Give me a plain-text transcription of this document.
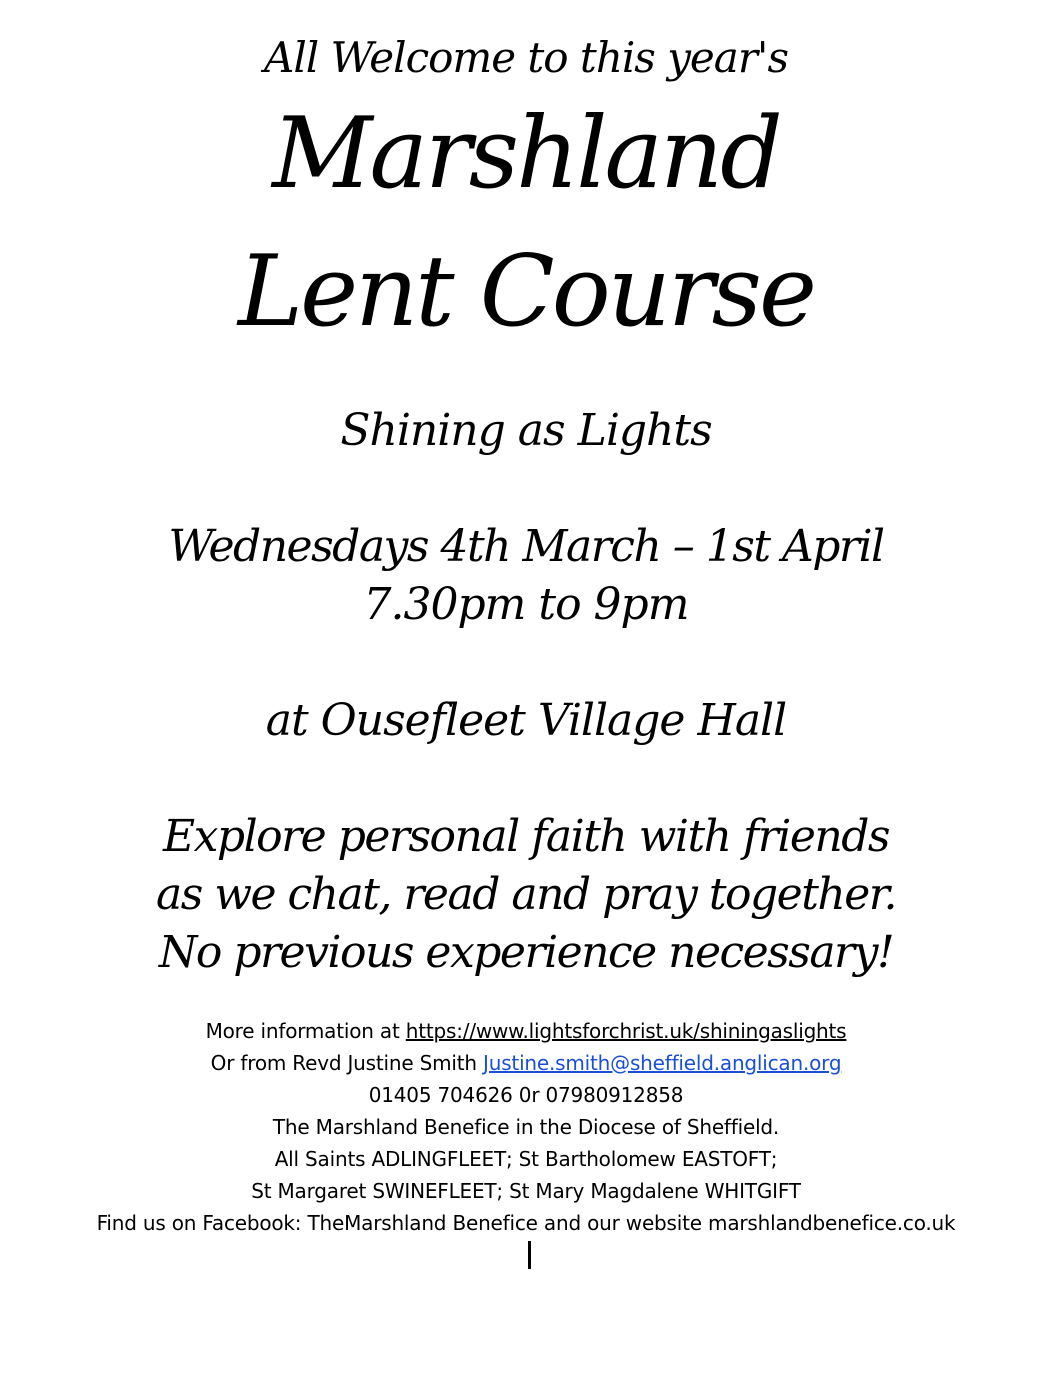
All Welcome to this year's
Marshland
Lent Course
Shining as Lights
Wednesdays 4th March – 1st April
7.30pm to 9pm
at Ousefleet Village Hall
Explore personal faith with friends
as we chat, read and pray together.
No previous experience necessary!
More information at https://www.lightsforchrist.uk/shiningaslights
Or from Revd Justine Smith Justine.smith@sheffield.anglican.org
01405 704626 0r 07980912858
The Marshland Benefice in the Diocese of Sheffield.
All Saints ADLINGFLEET; St Bartholomew EASTOFT;
St Margaret SWINEFLEET; St Mary Magdalene WHITGIFT
Find us on Facebook: TheMarshland Benefice and our website marshlandbenefice.co.uk
